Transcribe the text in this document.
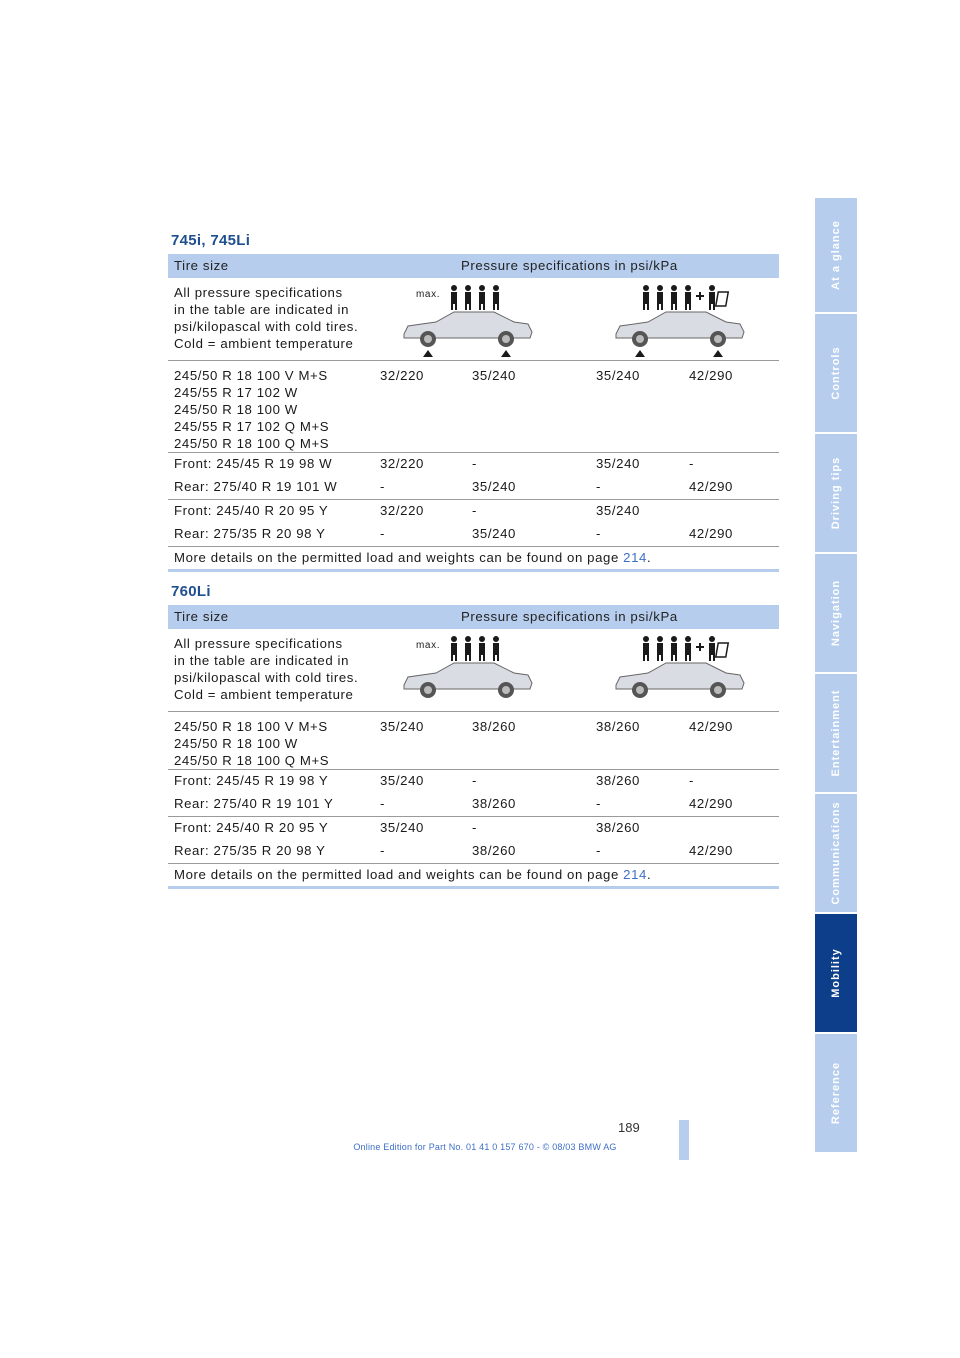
745i, 745Li
Tire size	Pressure specifications in psi/kPa
All pressure specifications
in the table are indicated in
psi/kilopascal with cold tires.
Cold = ambient temperature
max.
245/50 R 18 100 V M+S
245/55 R 17 102 W
245/50 R 18 100 W
245/55 R 17 102 Q M+S
245/50 R 18 100 Q M+S
32/220	35/240	35/240	42/290
Front: 245/45 R 19 98 W	32/220	-	35/240	-
Rear: 275/40 R 19 101 W	-	35/240	-	42/290
Front: 245/40 R 20 95 Y	32/220	-	35/240
Rear: 275/35 R 20 98 Y	-	35/240	-	42/290
More details on the permitted load and weights can be found on page 214.
760Li
Tire size	Pressure specifications in psi/kPa
All pressure specifications
in the table are indicated in
psi/kilopascal with cold tires.
Cold = ambient temperature
max.
245/50 R 18 100 V M+S
245/50 R 18 100 W
245/50 R 18 100 Q M+S
35/240	38/260	38/260	42/290
Front: 245/45 R 19 98 Y	35/240	-	38/260	-
Rear: 275/40 R 19 101 Y	-	38/260	-	42/290
Front: 245/40 R 20 95 Y	35/240	-	38/260
Rear: 275/35 R 20 98 Y	-	38/260	-	42/290
More details on the permitted load and weights can be found on page 214.
At a glance
Controls
Driving tips
Navigation
Entertainment
Communications
Mobility
Reference
189
Online Edition for Part No. 01 41 0 157 670 - © 08/03 BMW AG
